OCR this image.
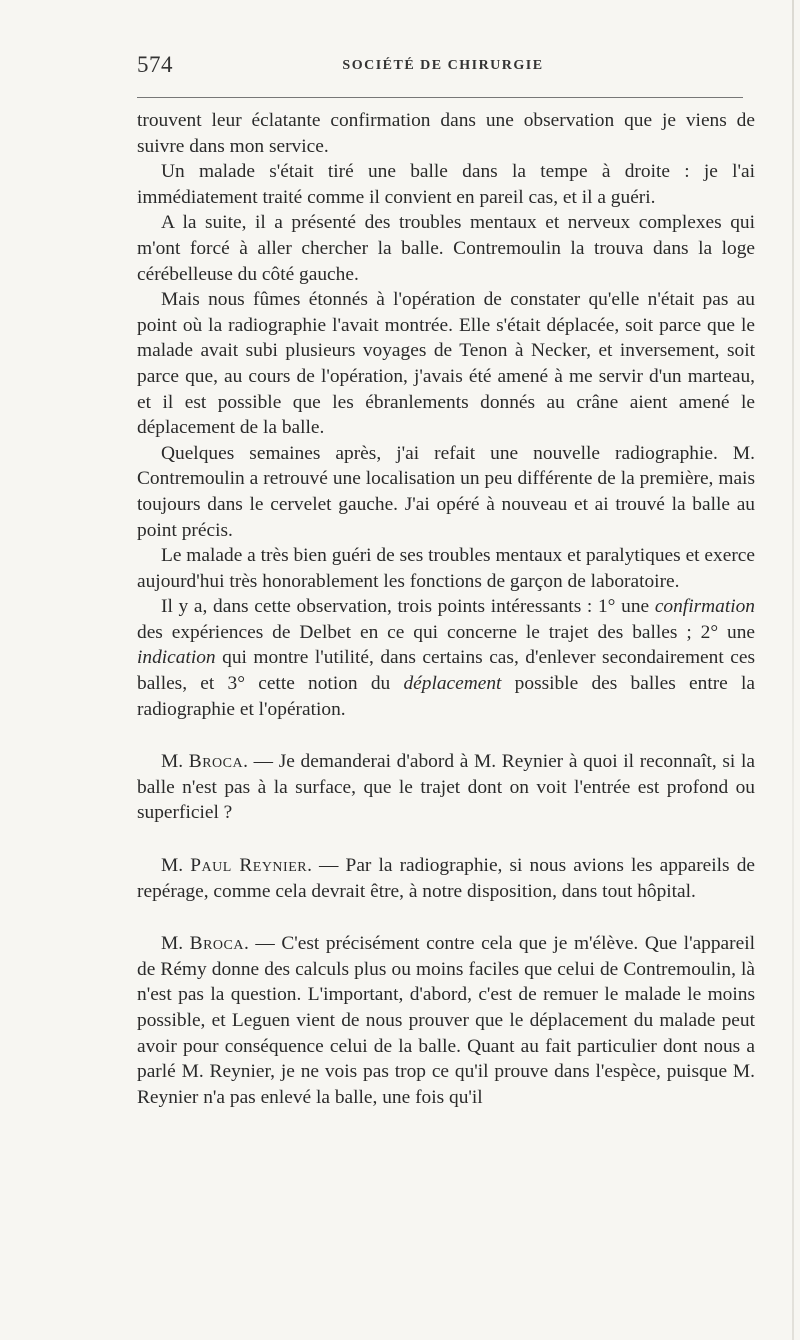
574	SOCIÉTÉ DE CHIRURGIE

trouvent leur éclatante confirmation dans une observation que je viens de suivre dans mon service.

Un malade s'était tiré une balle dans la tempe à droite : je l'ai immédiatement traité comme il convient en pareil cas, et il a guéri.

A la suite, il a présenté des troubles mentaux et nerveux complexes qui m'ont forcé à aller chercher la balle. Contremoulin la trouva dans la loge cérébelleuse du côté gauche.

Mais nous fûmes étonnés à l'opération de constater qu'elle n'était pas au point où la radiographie l'avait montrée. Elle s'était déplacée, soit parce que le malade avait subi plusieurs voyages de Tenon à Necker, et inversement, soit parce que, au cours de l'opération, j'avais été amené à me servir d'un marteau, et il est possible que les ébranlements donnés au crâne aient amené le déplacement de la balle.

Quelques semaines après, j'ai refait une nouvelle radiographie. M. Contremoulin a retrouvé une localisation un peu différente de la première, mais toujours dans le cervelet gauche. J'ai opéré à nouveau et ai trouvé la balle au point précis.

Le malade a très bien guéri de ses troubles mentaux et paralytiques et exerce aujourd'hui très honorablement les fonctions de garçon de laboratoire.

Il y a, dans cette observation, trois points intéressants : 1° une confirmation des expériences de Delbet en ce qui concerne le trajet des balles ; 2° une indication qui montre l'utilité, dans certains cas, d'enlever secondairement ces balles, et 3° cette notion du déplacement possible des balles entre la radiographie et l'opération.

M. Broca. — Je demanderai d'abord à M. Reynier à quoi il reconnaît, si la balle n'est pas à la surface, que le trajet dont on voit l'entrée est profond ou superficiel ?

M. Paul Reynier. — Par la radiographie, si nous avions les appareils de repérage, comme cela devrait être, à notre disposition, dans tout hôpital.

M. Broca. — C'est précisément contre cela que je m'élève. Que l'appareil de Rémy donne des calculs plus ou moins faciles que celui de Contremoulin, là n'est pas la question. L'important, d'abord, c'est de remuer le malade le moins possible, et Leguen vient de nous prouver que le déplacement du malade peut avoir pour conséquence celui de la balle. Quant au fait particulier dont nous a parlé M. Reynier, je ne vois pas trop ce qu'il prouve dans l'espèce, puisque M. Reynier n'a pas enlevé la balle, une fois qu'il
